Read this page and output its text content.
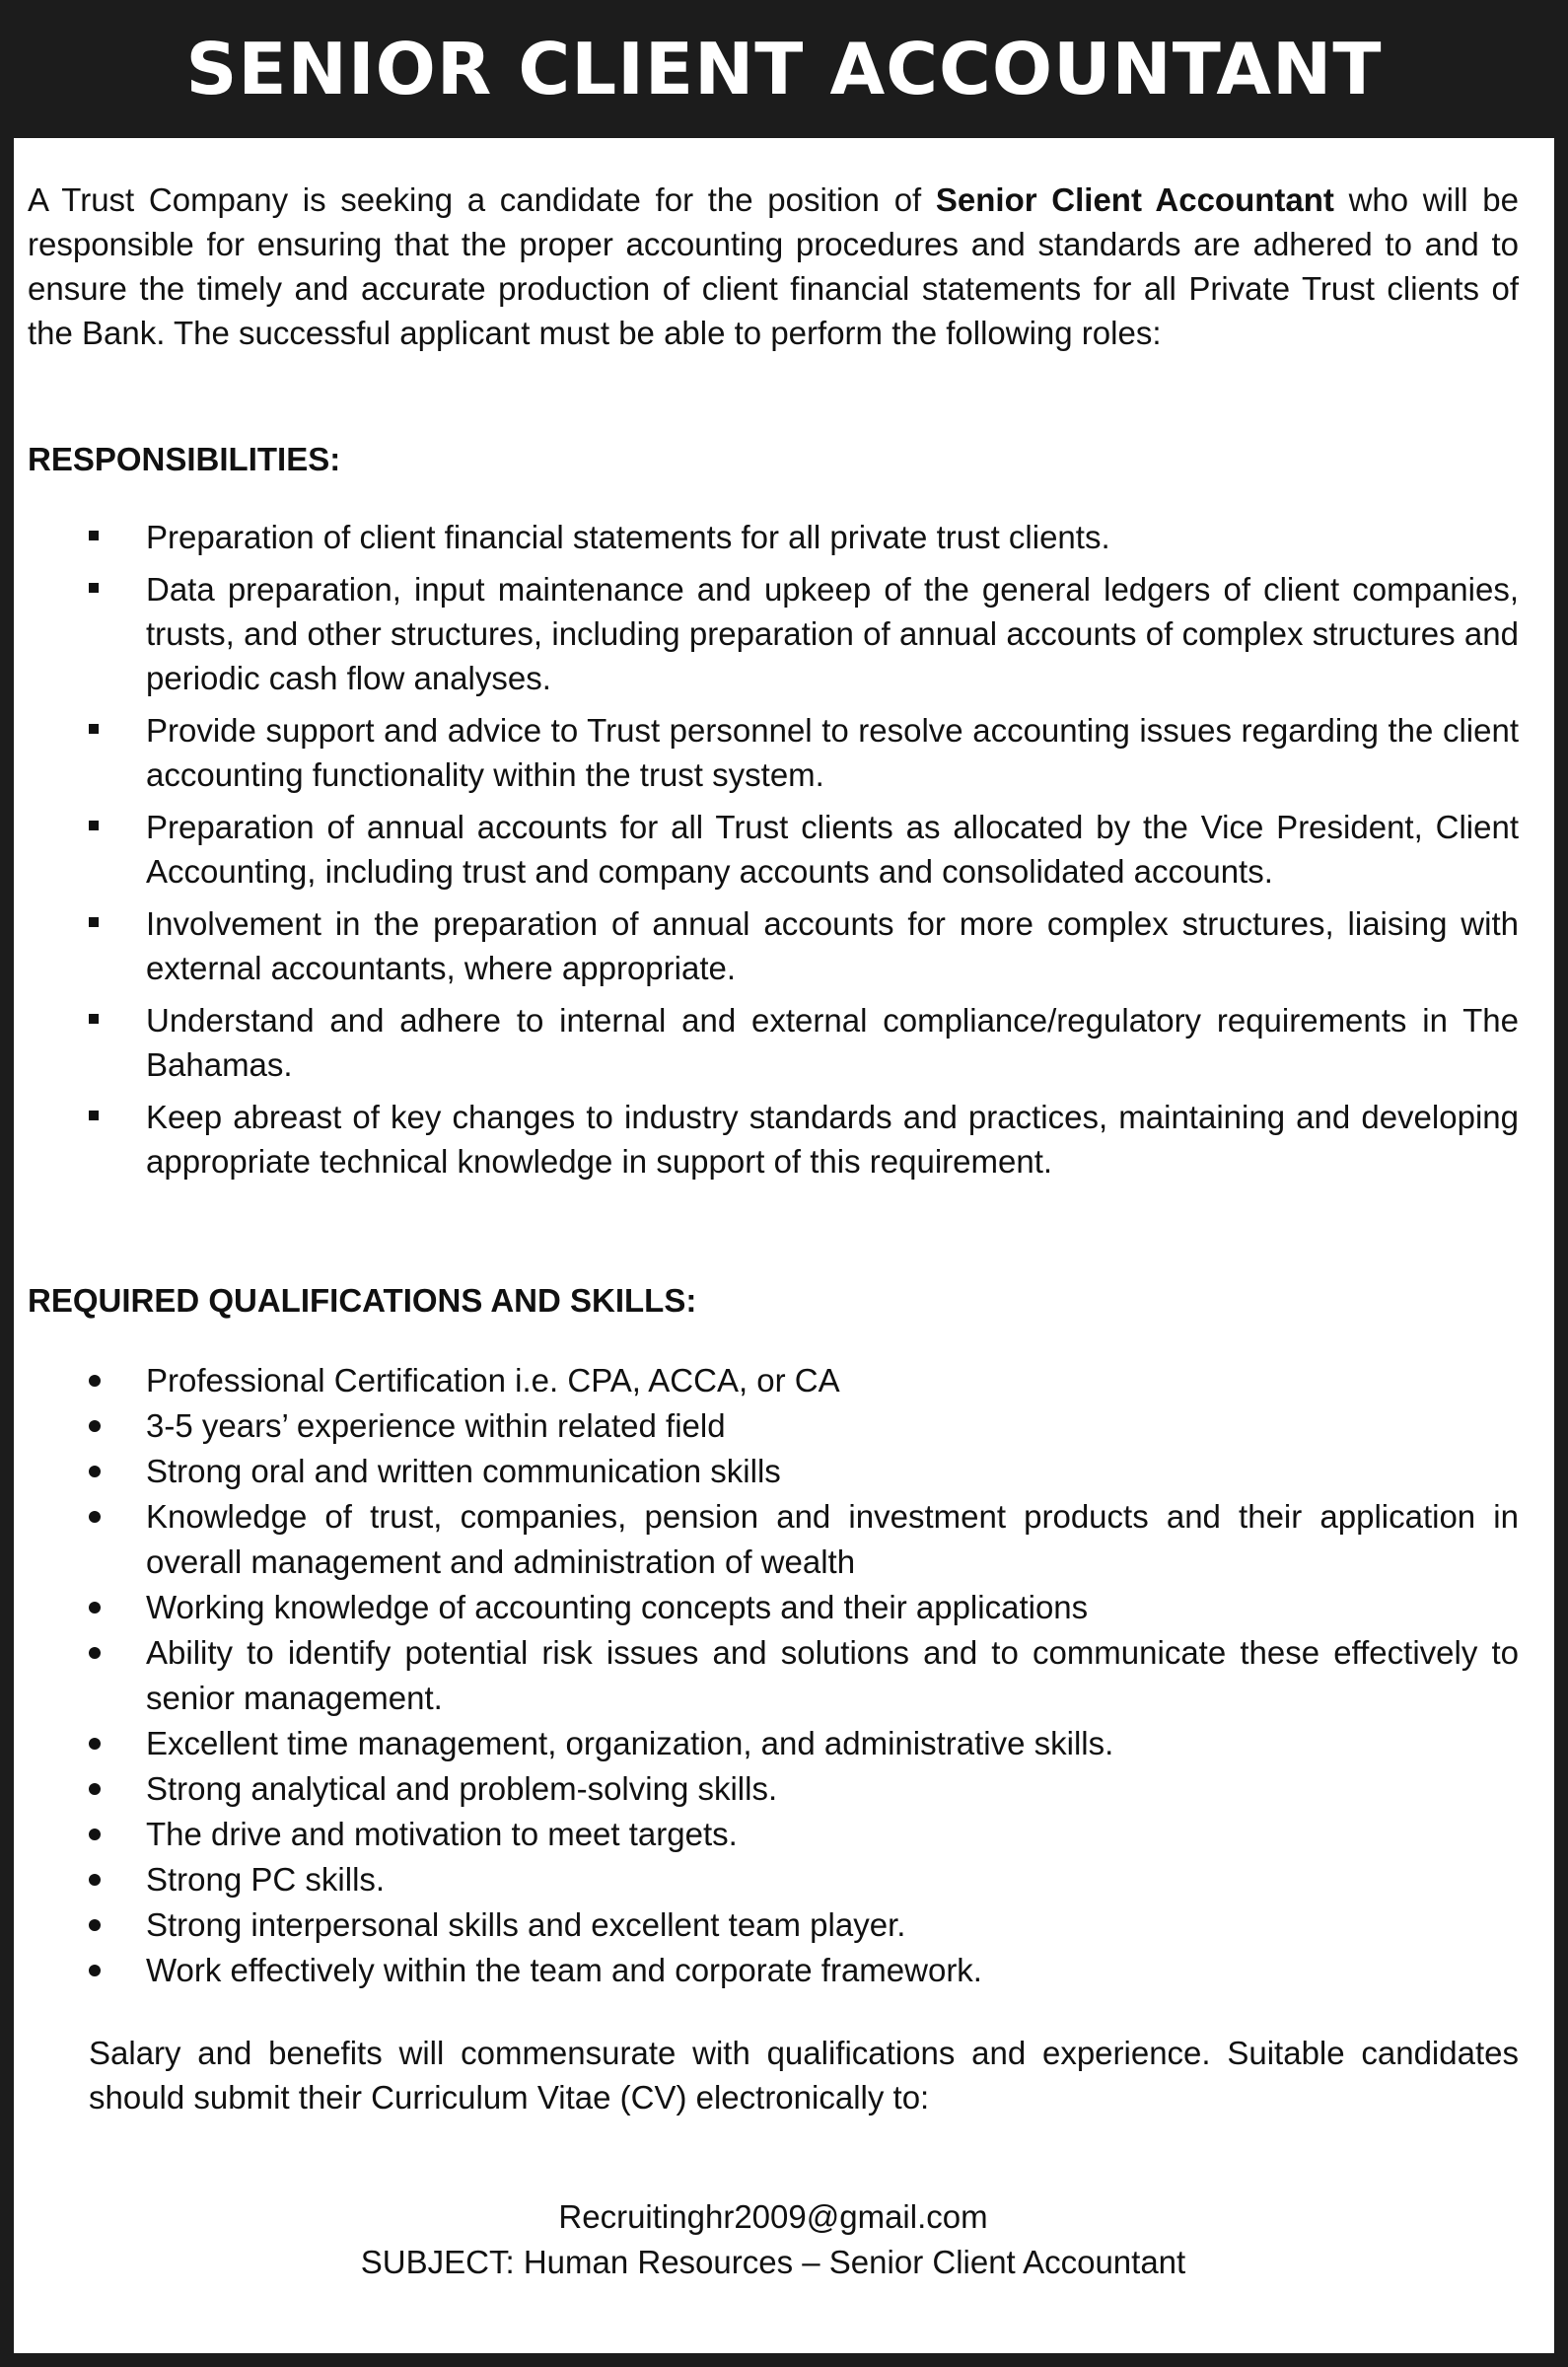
SENIOR CLIENT ACCOUNTANT

A Trust Company is seeking a candidate for the position of Senior Client Accountant who will be responsible for ensuring that the proper accounting procedures and standards are adhered to and to ensure the timely and accurate production of client financial statements for all Private Trust clients of the Bank. The successful applicant must be able to perform the following roles:

RESPONSIBILITIES:

Preparation of client financial statements for all private trust clients.
Data preparation, input maintenance and upkeep of the general ledgers of client companies, trusts, and other structures, including preparation of annual accounts of complex structures and periodic cash flow analyses.
Provide support and advice to Trust personnel to resolve accounting issues regarding the client accounting functionality within the trust system.
Preparation of annual accounts for all Trust clients as allocated by the Vice President, Client Accounting, including trust and company accounts and consolidated accounts.
Involvement in the preparation of annual accounts for more complex structures, liaising with external accountants, where appropriate.
Understand and adhere to internal and external compliance/regulatory requirements in The Bahamas.
Keep abreast of key changes to industry standards and practices, maintaining and developing appropriate technical knowledge in support of this requirement.

REQUIRED QUALIFICATIONS AND SKILLS:

Professional Certification i.e. CPA, ACCA, or CA
3-5 years’ experience within related field
Strong oral and written communication skills
Knowledge of trust, companies, pension and investment products and their application in overall management and administration of wealth
Working knowledge of accounting concepts and their applications
Ability to identify potential risk issues and solutions and to communicate these effectively to senior management.
Excellent time management, organization, and administrative skills.
Strong analytical and problem-solving skills.
The drive and motivation to meet targets.
Strong PC skills.
Strong interpersonal skills and excellent team player.
Work effectively within the team and corporate framework.

Salary and benefits will commensurate with qualifications and experience. Suitable candidates should submit their Curriculum Vitae (CV) electronically to:

Recruitinghr2009@gmail.com
SUBJECT: Human Resources – Senior Client Accountant
